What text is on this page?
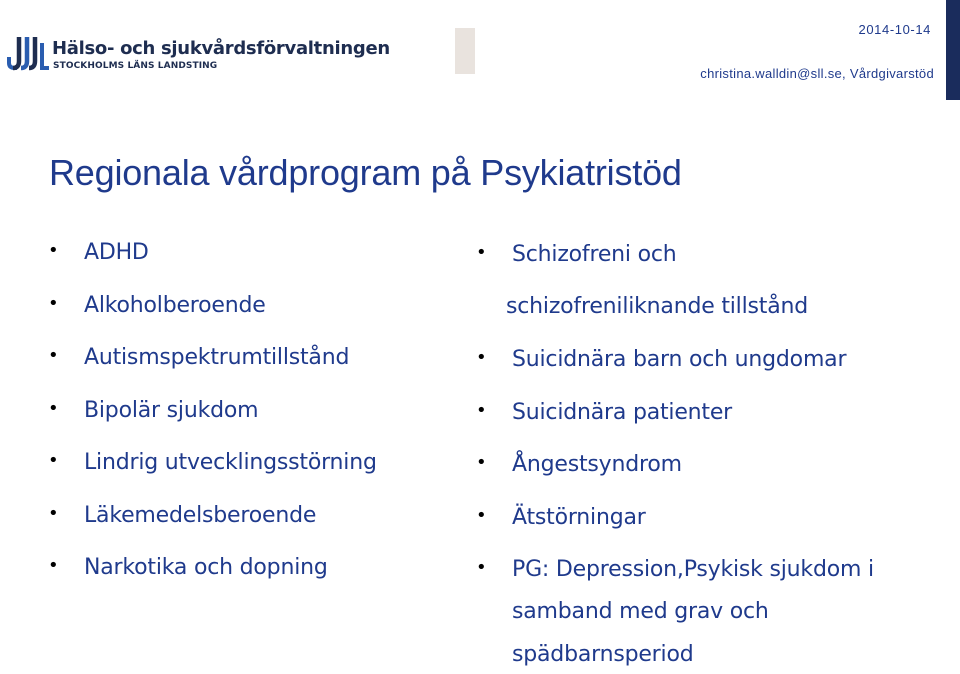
Hälso- och sjukvårdsförvaltningen
STOCKHOLMS LÄNS LANDSTING
2014-10-14
christina.walldin@sll.se, Vårdgivarstöd
Regionala vårdprogram på Psykiatristöd
• ADHD
• Alkoholberoende
• Autismspektrumtillstånd
• Bipolär sjukdom
• Lindrig utvecklingsstörning
• Läkemedelsberoende
• Narkotika och dopning
• Schizofreni och
schizofreniliknande tillstånd
• Suicidnära barn och ungdomar
• Suicidnära patienter
• Ångestsyndrom
• Ätstörningar
• PG: Depression,Psykisk sjukdom i
samband med grav och
spädbarnsperiod
